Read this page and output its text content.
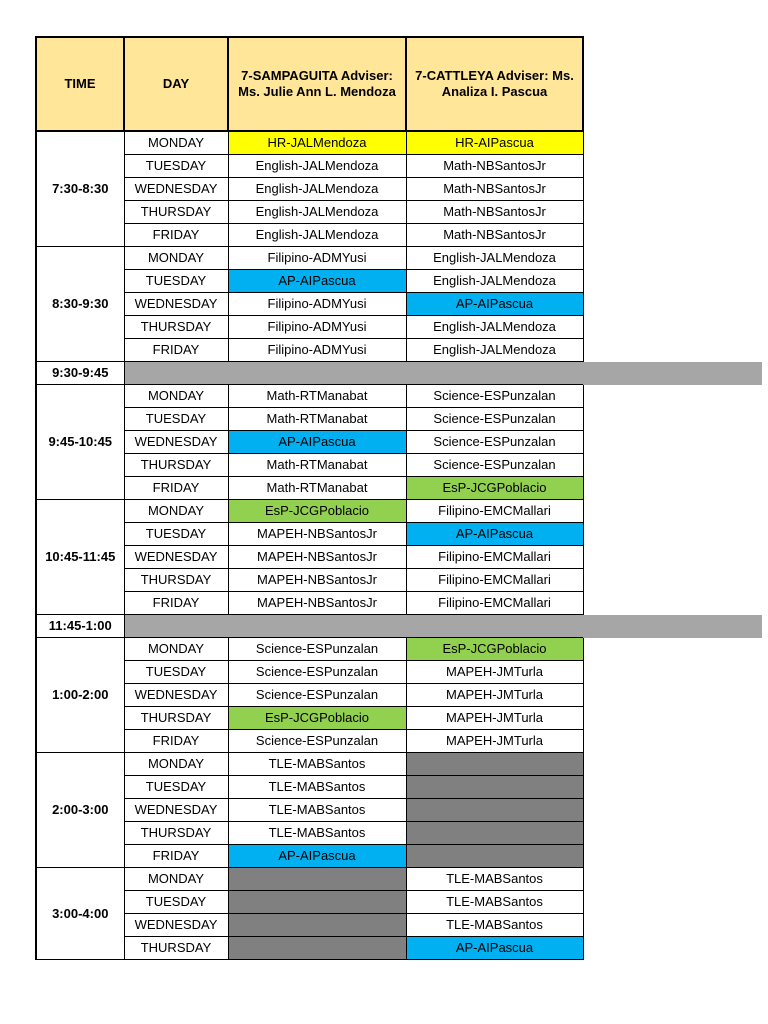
TIME	DAY	7-SAMPAGUITA Adviser: Ms. Julie Ann L. Mendoza	7-CATTLEYA Adviser: Ms. Analiza I. Pascua
7:30-8:30	MONDAY	HR-JALMendoza	HR-AIPascua
	TUESDAY	English-JALMendoza	Math-NBSantosJr
	WEDNESDAY	English-JALMendoza	Math-NBSantosJr
	THURSDAY	English-JALMendoza	Math-NBSantosJr
	FRIDAY	English-JALMendoza	Math-NBSantosJr
8:30-9:30	MONDAY	Filipino-ADMYusi	English-JALMendoza
	TUESDAY	AP-AIPascua	English-JALMendoza
	WEDNESDAY	Filipino-ADMYusi	AP-AIPascua
	THURSDAY	Filipino-ADMYusi	English-JALMendoza
	FRIDAY	Filipino-ADMYusi	English-JALMendoza
9:30-9:45			
9:45-10:45	MONDAY	Math-RTManabat	Science-ESPunzalan
	TUESDAY	Math-RTManabat	Science-ESPunzalan
	WEDNESDAY	AP-AIPascua	Science-ESPunzalan
	THURSDAY	Math-RTManabat	Science-ESPunzalan
	FRIDAY	Math-RTManabat	EsP-JCGPoblacio
10:45-11:45	MONDAY	EsP-JCGPoblacio	Filipino-EMCMallari
	TUESDAY	MAPEH-NBSantosJr	AP-AIPascua
	WEDNESDAY	MAPEH-NBSantosJr	Filipino-EMCMallari
	THURSDAY	MAPEH-NBSantosJr	Filipino-EMCMallari
	FRIDAY	MAPEH-NBSantosJr	Filipino-EMCMallari
11:45-1:00			
1:00-2:00	MONDAY	Science-ESPunzalan	EsP-JCGPoblacio
	TUESDAY	Science-ESPunzalan	MAPEH-JMTurla
	WEDNESDAY	Science-ESPunzalan	MAPEH-JMTurla
	THURSDAY	EsP-JCGPoblacio	MAPEH-JMTurla
	FRIDAY	Science-ESPunzalan	MAPEH-JMTurla
2:00-3:00	MONDAY	TLE-MABSantos	
	TUESDAY	TLE-MABSantos	
	WEDNESDAY	TLE-MABSantos	
	THURSDAY	TLE-MABSantos	
	FRIDAY	AP-AIPascua	
3:00-4:00	MONDAY		TLE-MABSantos
	TUESDAY		TLE-MABSantos
	WEDNESDAY		TLE-MABSantos
	THURSDAY		AP-AIPascua
